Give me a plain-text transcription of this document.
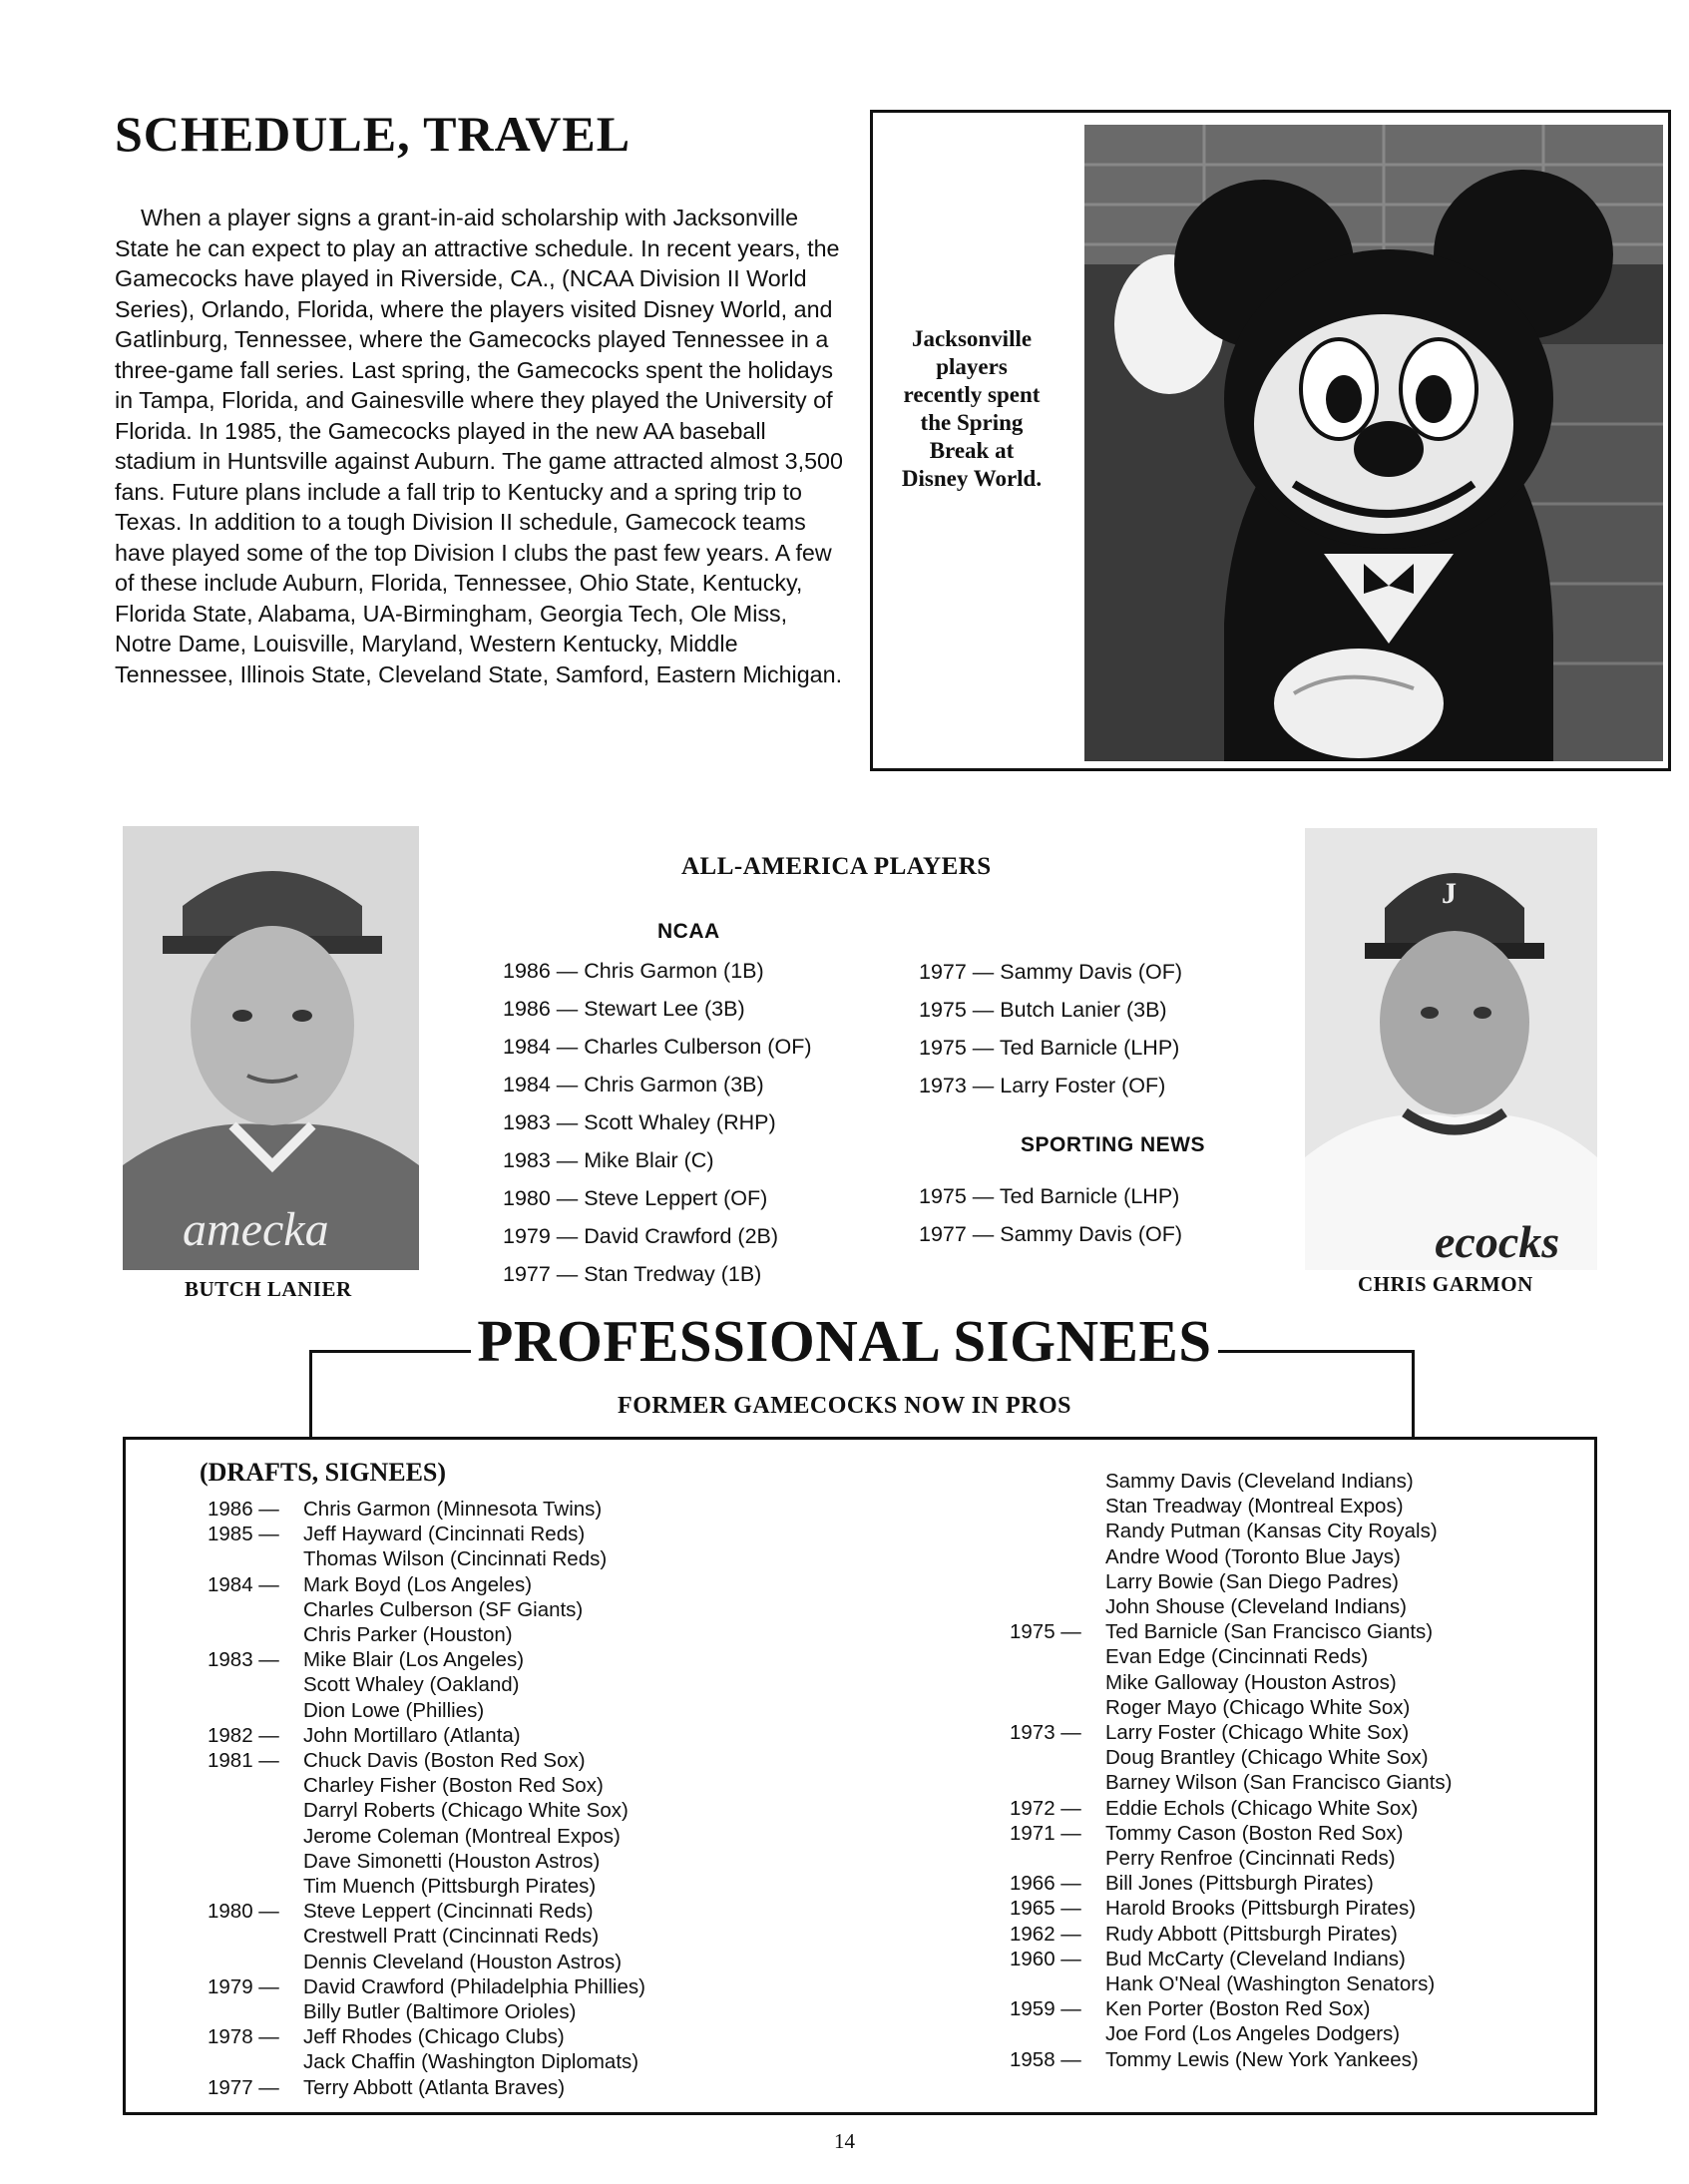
SCHEDULE, TRAVEL

When a player signs a grant-in-aid scholarship with Jacksonville State he can expect to play an attractive schedule. In recent years, the Gamecocks have played in Riverside, CA., (NCAA Division II World Series), Orlando, Florida, where the players visited Disney World, and Gatlinburg, Tennessee, where the Gamecocks played Tennessee in a three-game fall series. Last spring, the Gamecocks spent the holidays in Tampa, Florida, and Gainesville where they played the University of Florida. In 1985, the Gamecocks played in the new AA baseball stadium in Huntsville against Auburn. The game attracted almost 3,500 fans. Future plans include a fall trip to Kentucky and a spring trip to Texas. In addition to a tough Division II schedule, Gamecock teams have played some of the top Division I clubs the past few years. A few of these include Auburn, Florida, Tennessee, Ohio State, Kentucky, Florida State, Alabama, UA-Birmingham, Georgia Tech, Ole Miss, Notre Dame, Louisville, Maryland, Western Kentucky, Middle Tennessee, Illinois State, Cleveland State, Samford, Eastern Michigan.

Jacksonville players recently spent the Spring Break at Disney World.
amecka
BUTCH LANIER
J
ecocks
CHRIS GARMON
ALL-AMERICA PLAYERS
NCAA
1986 — Chris Garmon (1B)
1986 — Stewart Lee (3B)
1984 — Charles Culberson (OF)
1984 — Chris Garmon (3B)
1983 — Scott Whaley (RHP)
1983 — Mike Blair (C)
1980 — Steve Leppert (OF)
1979 — David Crawford (2B)
1977 — Stan Tredway (1B)
1977 — Sammy Davis (OF)
1975 — Butch Lanier (3B)
1975 — Ted Barnicle (LHP)
1973 — Larry Foster (OF)
SPORTING NEWS
1975 — Ted Barnicle (LHP)
1977 — Sammy Davis (OF)
PROFESSIONAL SIGNEES
FORMER GAMECOCKS NOW IN PROS
(DRAFTS, SIGNEES)
1986 — Chris Garmon (Minnesota Twins)
1985 — Jeff Hayward (Cincinnati Reds)
Thomas Wilson (Cincinnati Reds)
1984 — Mark Boyd (Los Angeles)
Charles Culberson (SF Giants)
Chris Parker (Houston)
1983 — Mike Blair (Los Angeles)
Scott Whaley (Oakland)
Dion Lowe (Phillies)
1982 — John Mortillaro (Atlanta)
1981 — Chuck Davis (Boston Red Sox)
Charley Fisher (Boston Red Sox)
Darryl Roberts (Chicago White Sox)
Jerome Coleman (Montreal Expos)
Dave Simonetti (Houston Astros)
Tim Muench (Pittsburgh Pirates)
1980 — Steve Leppert (Cincinnati Reds)
Crestwell Pratt (Cincinnati Reds)
Dennis Cleveland (Houston Astros)
1979 — David Crawford (Philadelphia Phillies)
Billy Butler (Baltimore Orioles)
1978 — Jeff Rhodes (Chicago Clubs)
Jack Chaffin (Washington Diplomats)
1977 — Terry Abbott (Atlanta Braves)
Sammy Davis (Cleveland Indians)
Stan Treadway (Montreal Expos)
Randy Putman (Kansas City Royals)
Andre Wood (Toronto Blue Jays)
Larry Bowie (San Diego Padres)
John Shouse (Cleveland Indians)
1975 — Ted Barnicle (San Francisco Giants)
Evan Edge (Cincinnati Reds)
Mike Galloway (Houston Astros)
Roger Mayo (Chicago White Sox)
1973 — Larry Foster (Chicago White Sox)
Doug Brantley (Chicago White Sox)
Barney Wilson (San Francisco Giants)
1972 — Eddie Echols (Chicago White Sox)
1971 — Tommy Cason (Boston Red Sox)
Perry Renfroe (Cincinnati Reds)
1966 — Bill Jones (Pittsburgh Pirates)
1965 — Harold Brooks (Pittsburgh Pirates)
1962 — Rudy Abbott (Pittsburgh Pirates)
1960 — Bud McCarty (Cleveland Indians)
Hank O'Neal (Washington Senators)
1959 — Ken Porter (Boston Red Sox)
Joe Ford (Los Angeles Dodgers)
1958 — Tommy Lewis (New York Yankees)
14
